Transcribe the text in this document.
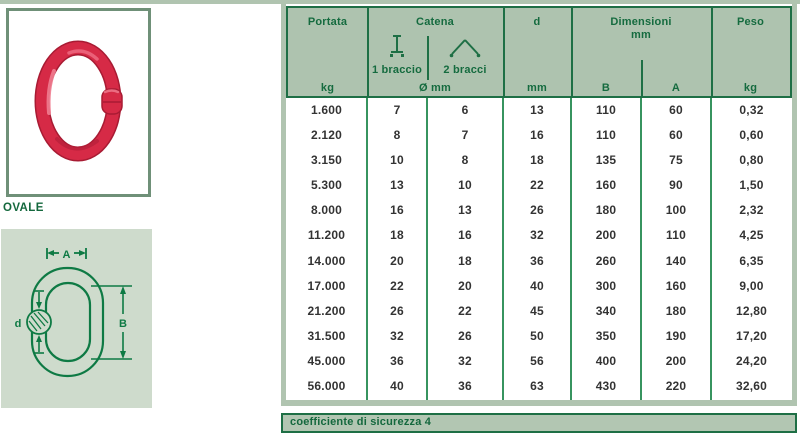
OVALE
A
B
d
Portata	Catena	d	Dimensioni
mm
Peso
1 braccio	2 bracci
kg	Ø mm	mm	B	A	kg
1.600	7	6	13	110	60	0,32
2.120	8	7	16	110	60	0,60
3.150	10	8	18	135	75	0,80
5.300	13	10	22	160	90	1,50
8.000	16	13	26	180	100	2,32
11.200	18	16	32	200	110	4,25
14.000	20	18	36	260	140	6,35
17.000	22	20	40	300	160	9,00
21.200	26	22	45	340	180	12,80
31.500	32	26	50	350	190	17,20
45.000	36	32	56	400	200	24,20
56.000	40	36	63	430	220	32,60
coefficiente di sicurezza 4
